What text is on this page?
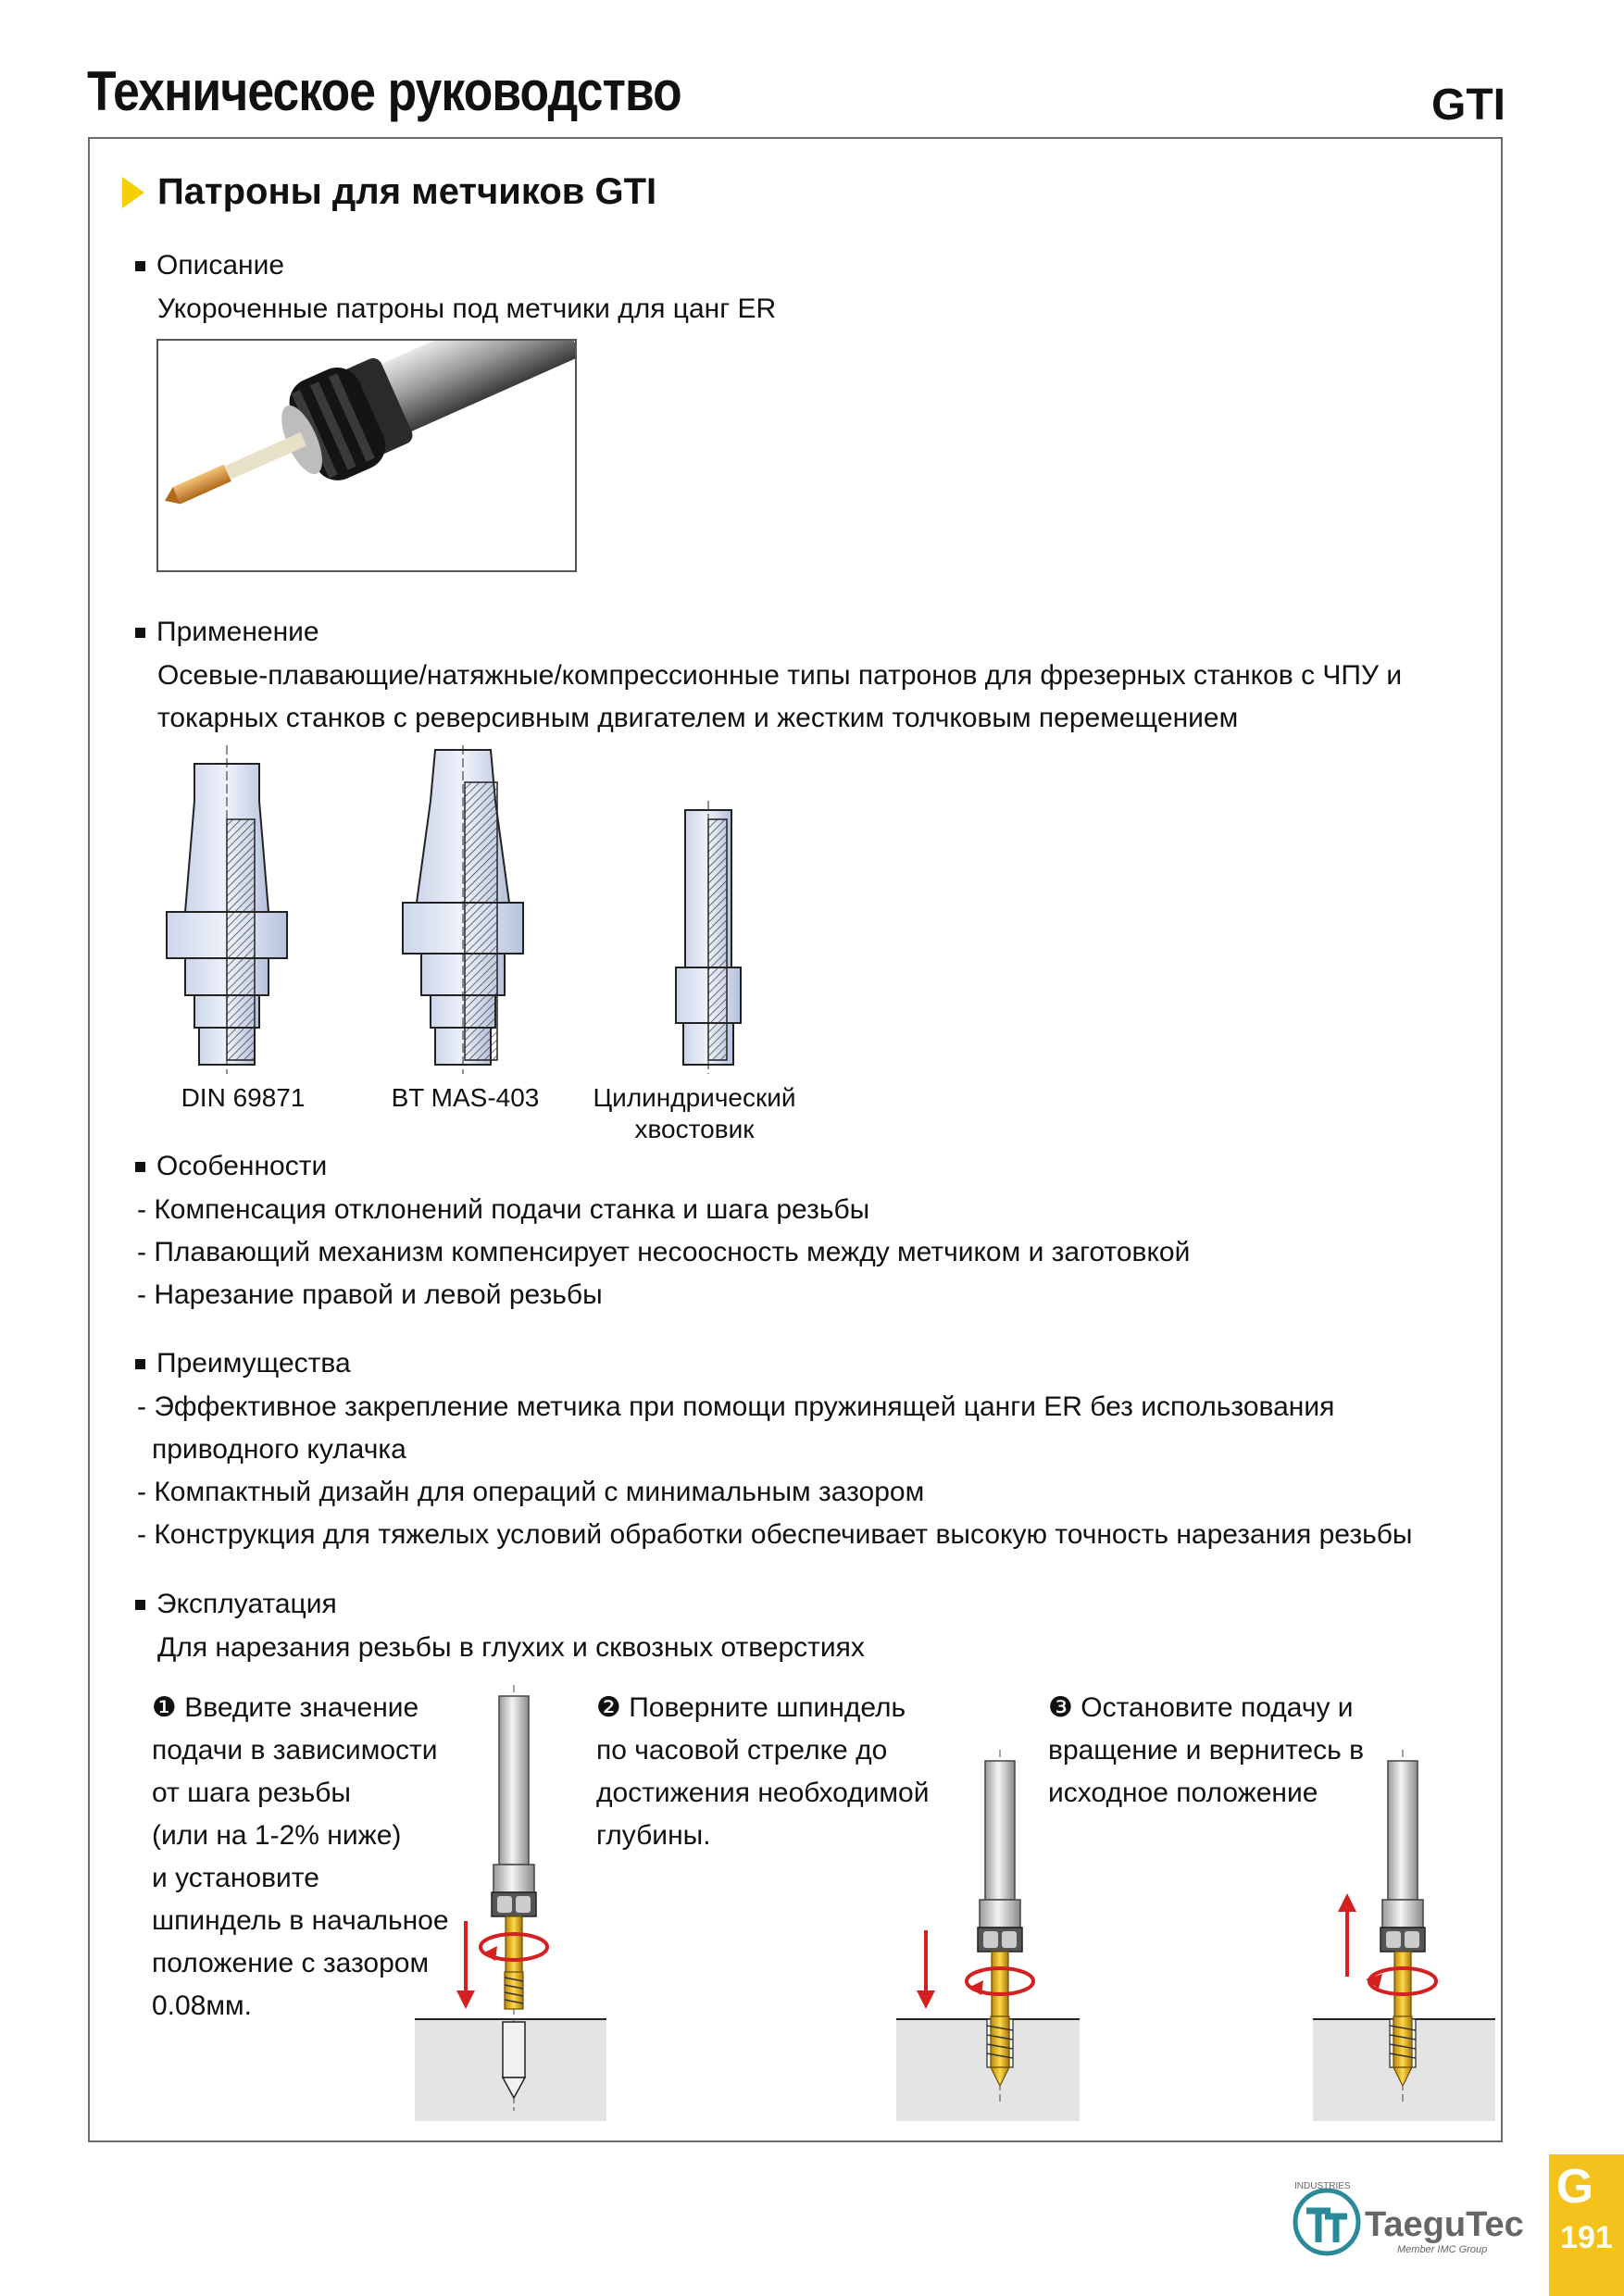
Техническое руководство	GTI
Патроны для метчиков GTI
Описание
Укороченные патроны под метчики для цанг ER
Применение
Осевые-плавающие/натяжные/компрессионные типы патронов для фрезерных станков с ЧПУ и
токарных станков с реверсивным двигателем и жестким толчковым перемещением
DIN 69871	BT MAS-403	Цилиндрический
хвостовик
Особенности
- Компенсация отклонений подачи станка и шага резьбы
- Плавающий механизм компенсирует несоосность между метчиком и заготовкой
- Нарезание правой и левой резьбы
Преимущества
- Эффективное закрепление метчика при помощи пружинящей цанги ER без использования
приводного кулачка
- Компактный дизайн для операций с минимальным зазором
- Конструкция для тяжелых условий обработки обеспечивает высокую точность нарезания резьбы
Эксплуатация
Для нарезания резьбы в глухих и сквозных отверстиях
❶ Введите значение
подачи в зависимости
от шага резьбы
(или на 1-2% ниже)
и установите
шпиндель в начальное
положение с зазором
0.08мм.
❷ Поверните шпиндель
по часовой стрелке до
достижения необходимой
глубины.
❸ Остановите подачу и
вращение и вернитесь в
исходное положение
TaeguTec
Member IMC Group
INDUSTRIES	G
191
